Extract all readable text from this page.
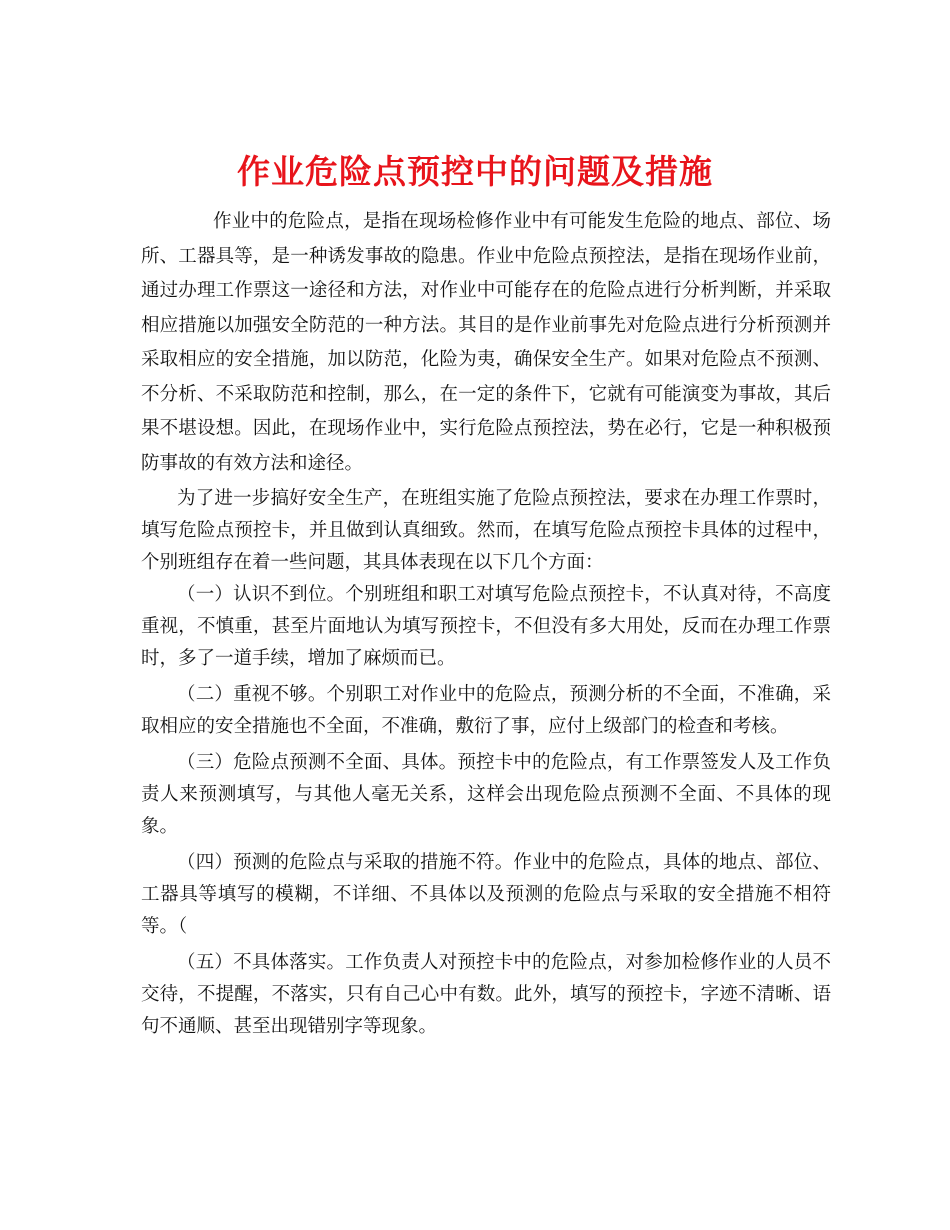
作业危险点预控中的问题及措施

作业中的危险点，是指在现场检修作业中有可能发生危险的地点、部位、场所、工器具等，是一种诱发事故的隐患。作业中危险点预控法，是指在现场作业前，通过办理工作票这一途径和方法，对作业中可能存在的危险点进行分析判断，并采取相应措施以加强安全防范的一种方法。其目的是作业前事先对危险点进行分析预测并采取相应的安全措施，加以防范，化险为夷，确保安全生产。如果对危险点不预测、不分析、不采取防范和控制，那么，在一定的条件下，它就有可能演变为事故，其后果不堪设想。因此，在现场作业中，实行危险点预控法，势在必行，它是一种积极预防事故的有效方法和途径。

为了进一步搞好安全生产，在班组实施了危险点预控法，要求在办理工作票时，填写危险点预控卡，并且做到认真细致。然而，在填写危险点预控卡具体的过程中，个别班组存在着一些问题，其具体表现在以下几个方面：

（一）认识不到位。个别班组和职工对填写危险点预控卡，不认真对待，不高度重视，不慎重，甚至片面地认为填写预控卡，不但没有多大用处，反而在办理工作票时，多了一道手续，增加了麻烦而已。

（二）重视不够。个别职工对作业中的危险点，预测分析的不全面，不准确，采取相应的安全措施也不全面，不准确，敷衍了事，应付上级部门的检查和考核。

（三）危险点预测不全面、具体。预控卡中的危险点，有工作票签发人及工作负责人来预测填写，与其他人毫无关系，这样会出现危险点预测不全面、不具体的现象。

（四）预测的危险点与采取的措施不符。作业中的危险点，具体的地点、部位、工器具等填写的模糊，不详细、不具体以及预测的危险点与采取的安全措施不相符等。（

（五）不具体落实。工作负责人对预控卡中的危险点，对参加检修作业的人员不交待，不提醒，不落实，只有自己心中有数。此外，填写的预控卡，字迹不清晰、语句不通顺、甚至出现错别字等现象。
